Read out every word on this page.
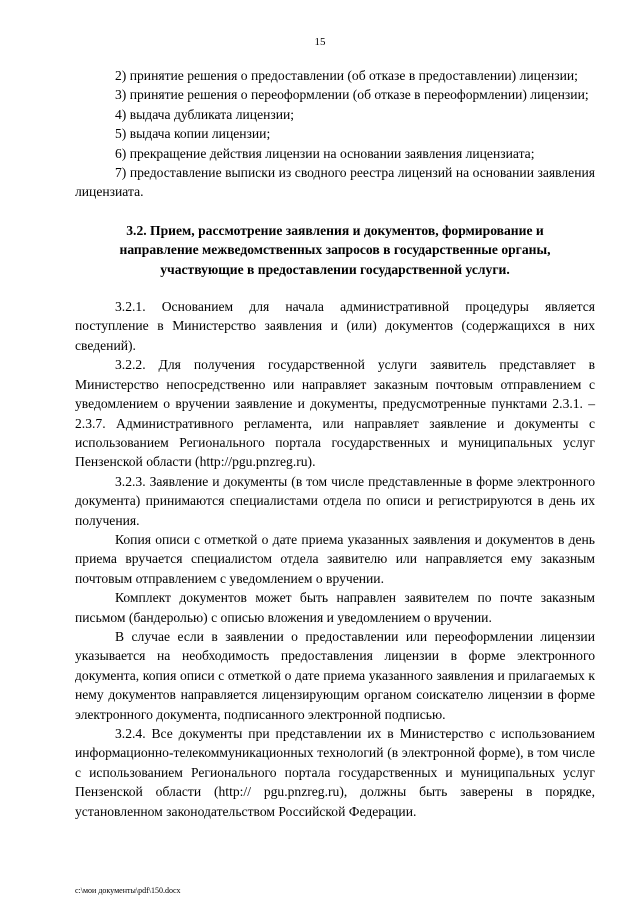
15

2) принятие решения о предоставлении (об отказе в предоставлении) лицензии;

3) принятие решения о переоформлении (об отказе в переоформлении) лицензии;

4) выдача дубликата лицензии;

5) выдача копии лицензии;

6) прекращение действия лицензии на основании заявления лицензиата;

7) предоставление выписки из сводного реестра лицензий на основании заявления лицензиата.

3.2. Прием, рассмотрение заявления и документов, формирование и направление межведомственных запросов в государственные органы, участвующие в предоставлении государственной услуги.

3.2.1. Основанием для начала административной процедуры является поступление в Министерство заявления и (или) документов (содержащихся в них сведений).

3.2.2. Для получения государственной услуги заявитель представляет в Министерство непосредственно или направляет заказным почтовым отправлением с уведомлением о вручении заявление и документы, предусмотренные пунктами 2.3.1. – 2.3.7. Административного регламента, или направляет заявление и документы с использованием Регионального портала государственных и муниципальных услуг Пензенской области (http://pgu.pnzreg.ru).

3.2.3. Заявление и документы (в том числе представленные в форме электронного документа) принимаются специалистами отдела по описи и регистрируются в день их получения.

Копия описи с отметкой о дате приема указанных заявления и документов в день приема вручается специалистом отдела заявителю или направляется ему заказным почтовым отправлением с уведомлением о вручении.

Комплект документов может быть направлен заявителем по почте заказным письмом (бандеролью) с описью вложения и уведомлением о вручении.

В случае если в заявлении о предоставлении или переоформлении лицензии указывается на необходимость предоставления лицензии в форме электронного документа, копия описи с отметкой о дате приема указанного заявления и прилагаемых к нему документов направляется лицензирующим органом соискателю лицензии в форме электронного документа, подписанного электронной подписью.

3.2.4. Все документы при представлении их в Министерство с использованием информационно-телекоммуникационных технологий (в электронной форме), в том числе с использованием Регионального портала государственных и муниципальных услуг Пензенской области (http:// pgu.pnzreg.ru), должны быть заверены в порядке, установленном законодательством Российской Федерации.

c:\мои документы\pdf\150.docx
